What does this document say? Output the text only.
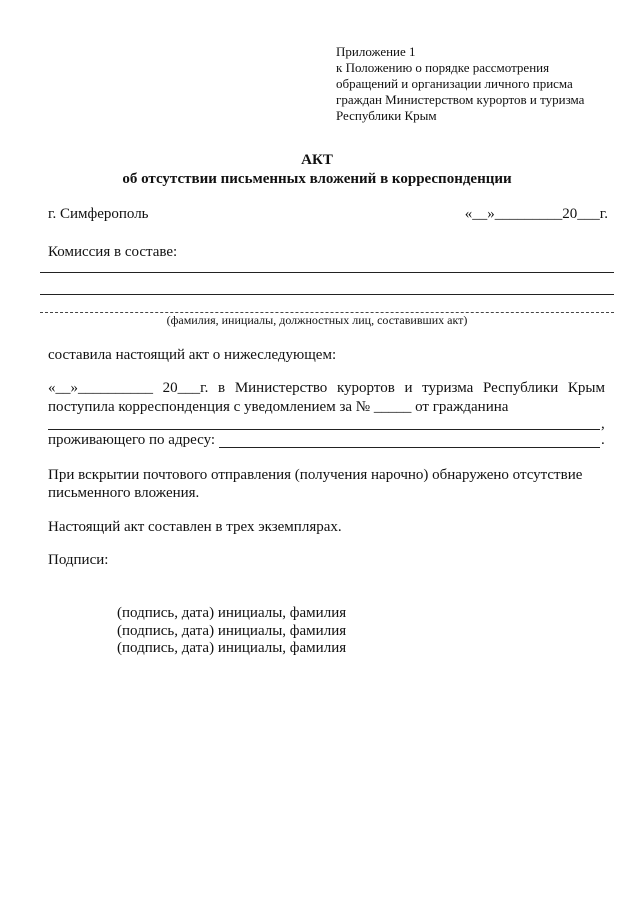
Приложение 1
к Положению о порядке рассмотрения
обращений и организации личного присма
граждан Министерством курортов и туризма
Республики Крым
АКТ
об отсутствии письменных вложений в корреспонденции
г. Симферополь	«__»_________20___г.
Комиссия в составе:
(фамилия, инициалы, должностных лиц, составивших акт)
составила настоящий акт о нижеследующем:
«__»__________ 20___г. в Министерство курортов и туризма Республики Крым
поступила корреспонденция с уведомлением за № _____ от гражданина
,
проживающего по адресу:	.
При вскрытии почтового отправления (получения нарочно) обнаружено отсутствие
письменного вложения.
Настоящий акт составлен в трех экземплярах.
Подписи:
(подпись, дата) инициалы, фамилия
(подпись, дата) инициалы, фамилия
(подпись, дата) инициалы, фамилия
